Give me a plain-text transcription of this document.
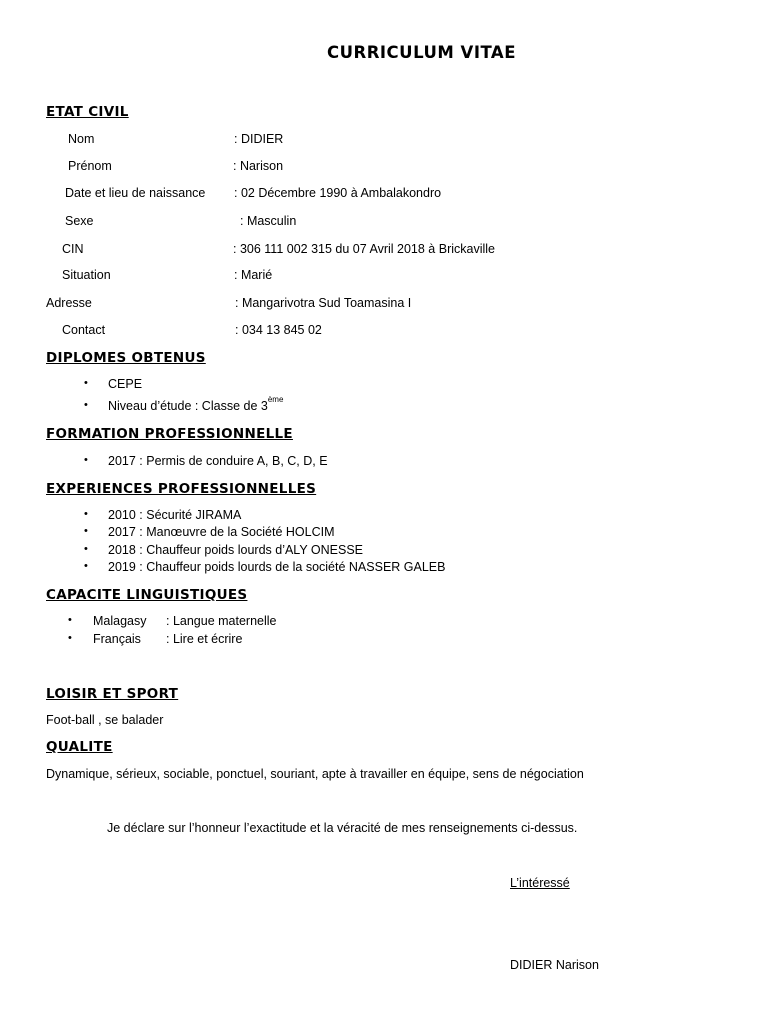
CURRICULUM VITAE
ETAT CIVIL
Nom	: DIDIER
Prénom	: Narison
Date et lieu de naissance : 02 Décembre 1990 à Ambalakondro
Sexe	: Masculin
CIN	: 306 111 002 315 du 07 Avril 2018 à Brickaville
Situation	: Marié
Adresse	: Mangarivotra Sud Toamasina I
Contact	: 034 13 845 02
DIPLOMES OBTENUS
• CEPE
• Niveau d’étude : Classe de 3ème
FORMATION PROFESSIONNELLE
• 2017 : Permis de conduire A, B, C, D, E
EXPERIENCES PROFESSIONNELLES
• 2010 : Sécurité JIRAMA
• 2017 : Manœuvre de la Société HOLCIM
• 2018 : Chauffeur poids lourds d’ALY ONESSE
• 2019 : Chauffeur poids lourds de la société NASSER GALEB
CAPACITE LINGUISTIQUES
• Malagasy : Langue maternelle
• Français : Lire et écrire
LOISIR ET SPORT
Foot-ball , se balader
QUALITE
Dynamique, sérieux, sociable, ponctuel, souriant, apte à travailler en équipe, sens de négociation
Je déclare sur l’honneur l’exactitude et la véracité de mes renseignements ci-dessus.
L’intéressé
DIDIER Narison
